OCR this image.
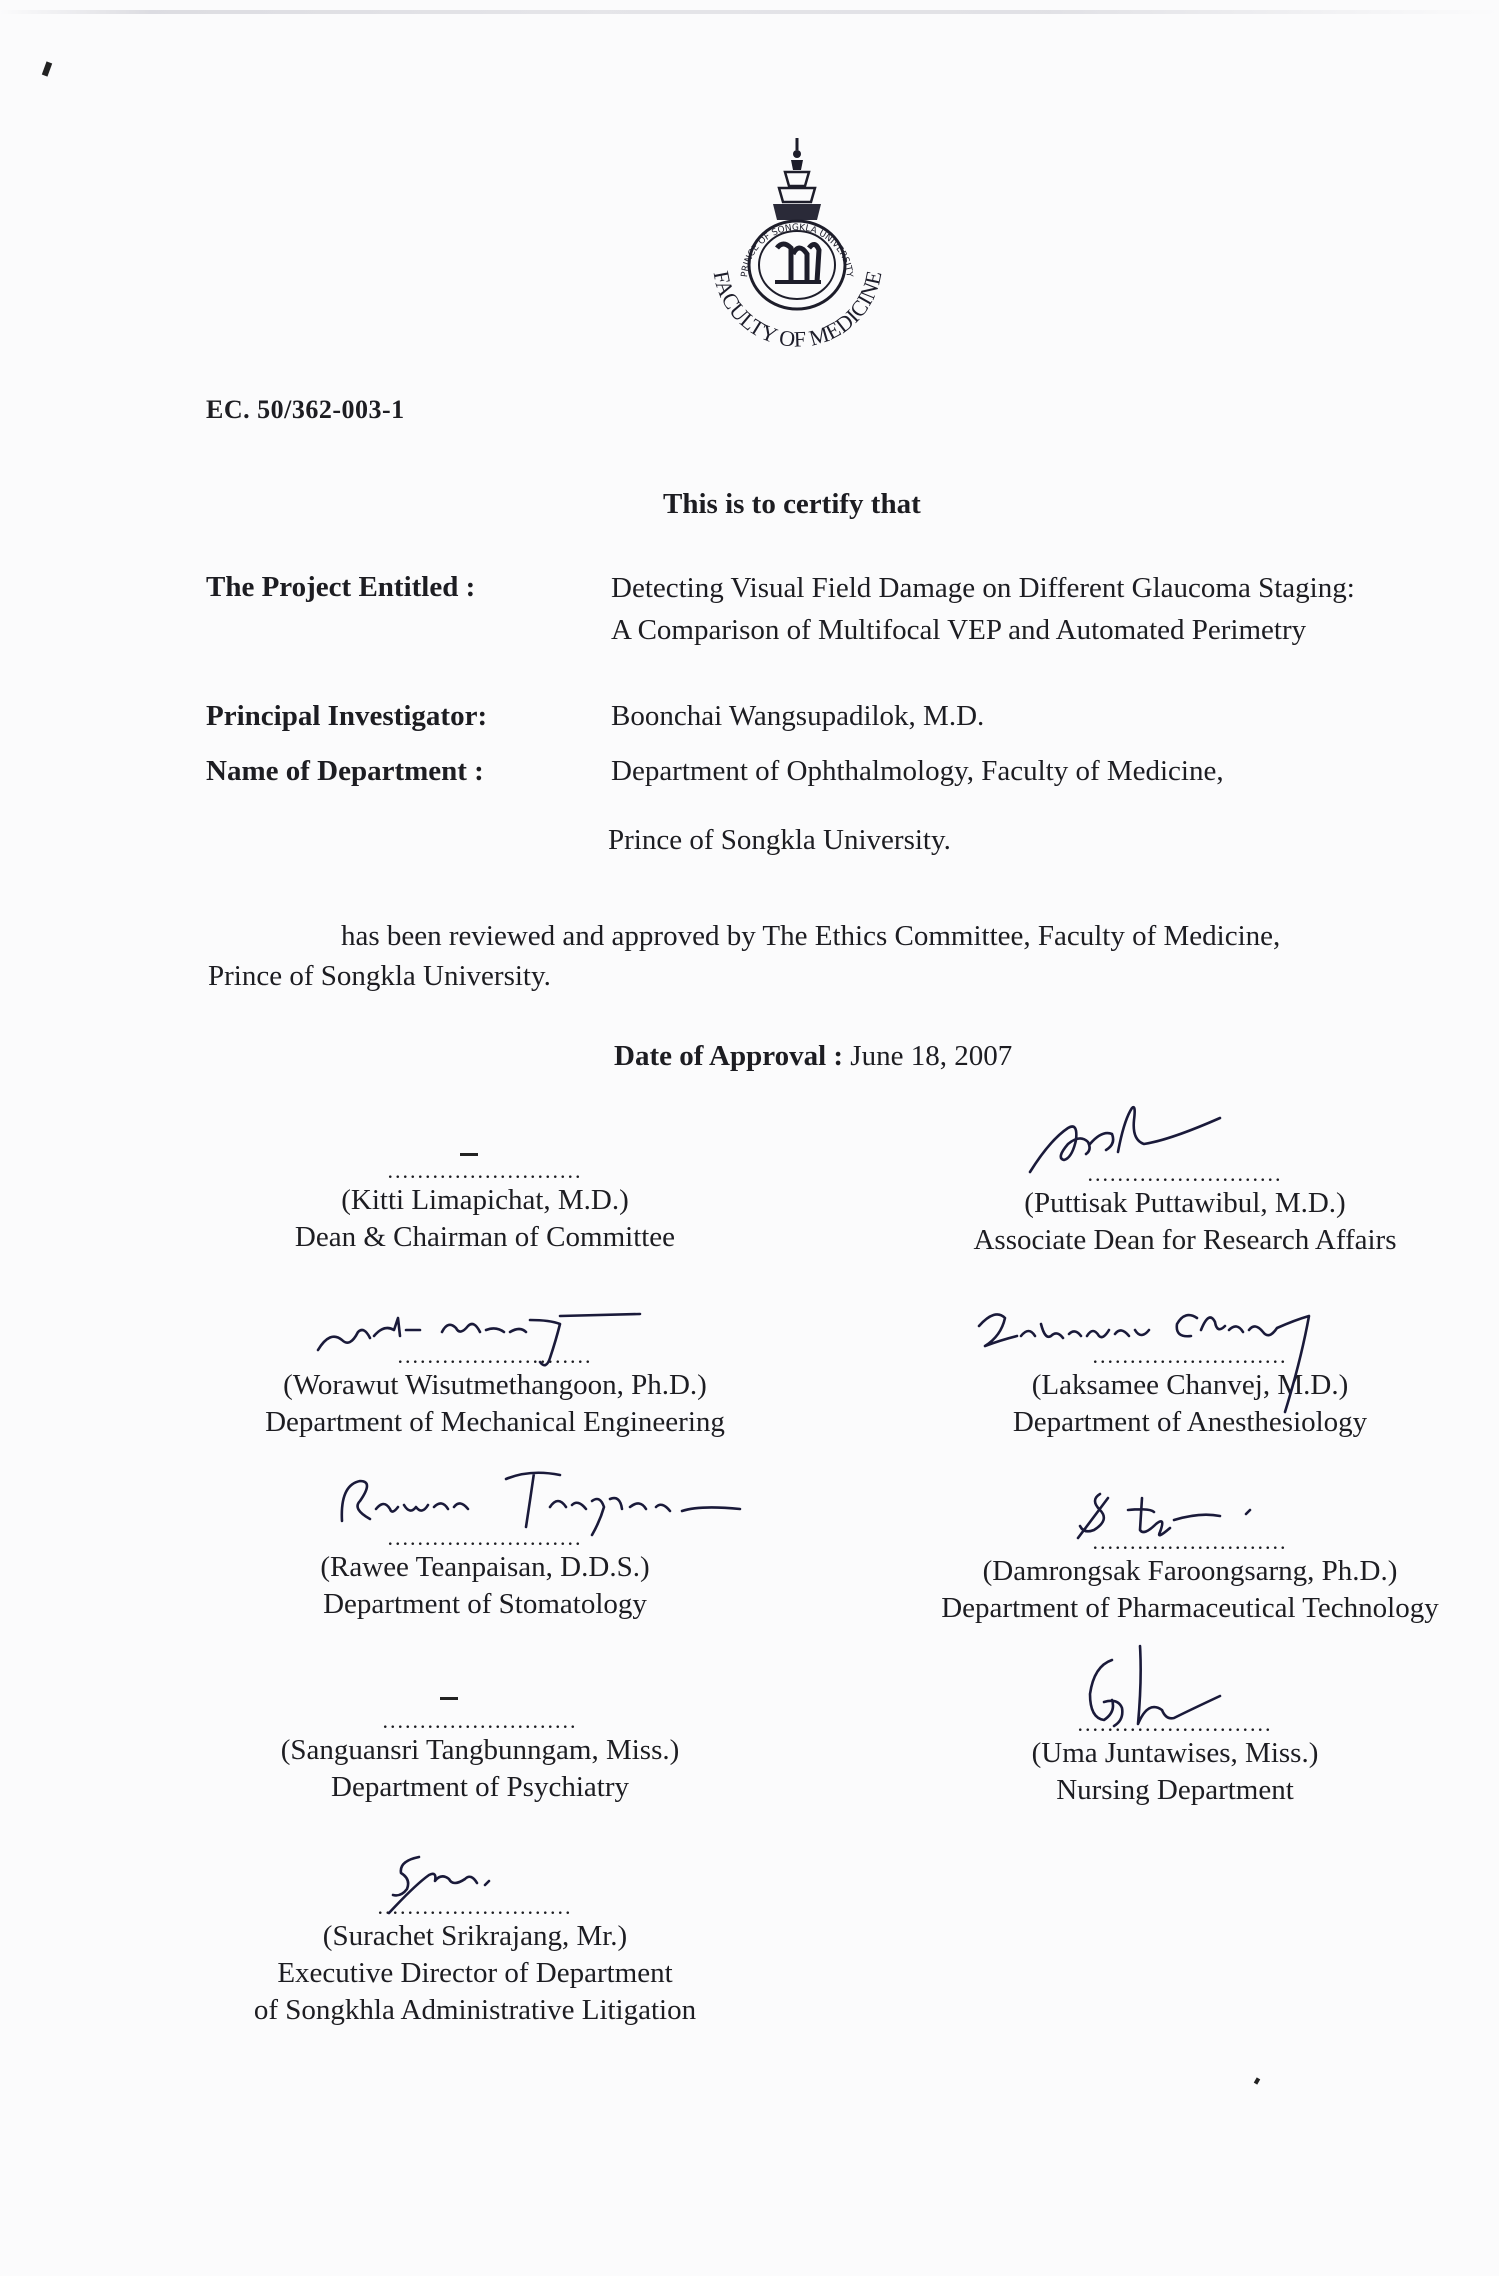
PRINCE OF SONGKLA UNIVERSITY
FACULTY OF MEDICINE
EC. 50/362-003-1
This is to certify that
The Project Entitled :	Detecting Visual Field Damage on Different Glaucoma Staging:
A Comparison of Multifocal VEP and Automated Perimetry
Principal Investigator:	Boonchai Wangsupadilok, M.D.
Name of Department :	Department of Ophthalmology, Faculty of Medicine,
Prince of Songkla University.
has been reviewed and approved by The Ethics Committee, Faculty of Medicine,
Prince of Songkla University.
Date of Approval : June 18, 2007
..........................
(Kitti Limapichat, M.D.)
Dean & Chairman of Committee
..........................
(Puttisak Puttawibul, M.D.)
Associate Dean for Research Affairs
..........................
(Worawut Wisutmethangoon, Ph.D.)
Department of Mechanical Engineering
..........................
(Laksamee Chanvej, M.D.)
Department of Anesthesiology
..........................
(Rawee Teanpaisan, D.D.S.)
Department of Stomatology
..........................
(Damrongsak Faroongsarng, Ph.D.)
Department of Pharmaceutical Technology
..........................
(Sanguansri Tangbunngam, Miss.)
Department of Psychiatry
..........................
(Uma Juntawises, Miss.)
Nursing Department
..........................
(Surachet Srikrajang, Mr.)
Executive Director of Department
of Songkhla Administrative Litigation
